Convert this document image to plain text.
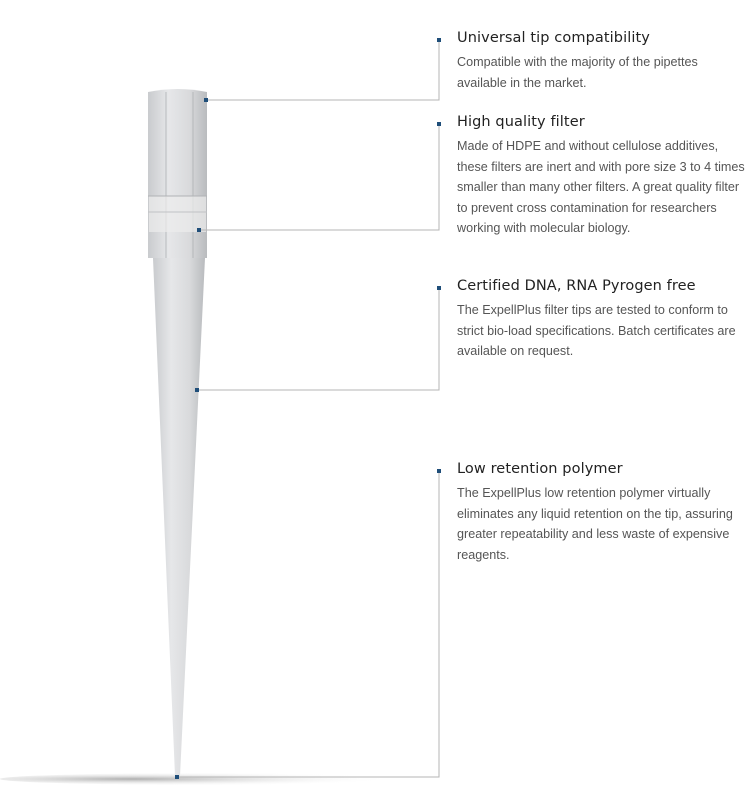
Universal tip compatibility

Compatible with the majority of the pipettes available in the market.

High quality filter

Made of HDPE and without cellulose additives, these filters are inert and with pore size 3 to 4 times smaller than many other filters. A great quality filter to prevent cross contamination for researchers working with molecular biology.

Certified DNA, RNA Pyrogen free

The ExpellPlus filter tips are tested to conform to strict bio-load specifications. Batch certificates are available on request.

Low retention polymer

The ExpellPlus low retention polymer virtually eliminates any liquid retention on the tip, assuring greater repeatability and less waste of expensive reagents.
